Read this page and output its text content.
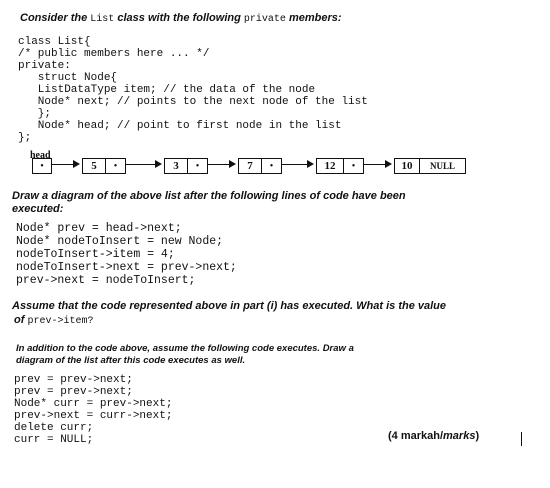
Consider the List class with the following private members:
class List{
/* public members here ... */
private:
struct Node{
ListDataType item; // the data of the node
Node* next; // points to the next node of the list
};
Node* head; // point to first node in the list
};
head
•	5	•	3	•	7	•	12	•	10	NULL
Draw a diagram of the above list after the following lines of code have been
executed:
Node* prev = head->next;
Node* nodeToInsert = new Node;
nodeToInsert->item = 4;
nodeToInsert->next = prev->next;
prev->next = nodeToInsert;
Assume that the code represented above in part (i) has executed. What is the value
of prev->item?
In addition to the code above, assume the following code executes. Draw a
diagram of the list after this code executes as well.
prev = prev->next;
prev = prev->next;
Node* curr = prev->next;
prev->next = curr->next;
delete curr;
curr = NULL;	(4 markah/marks)
